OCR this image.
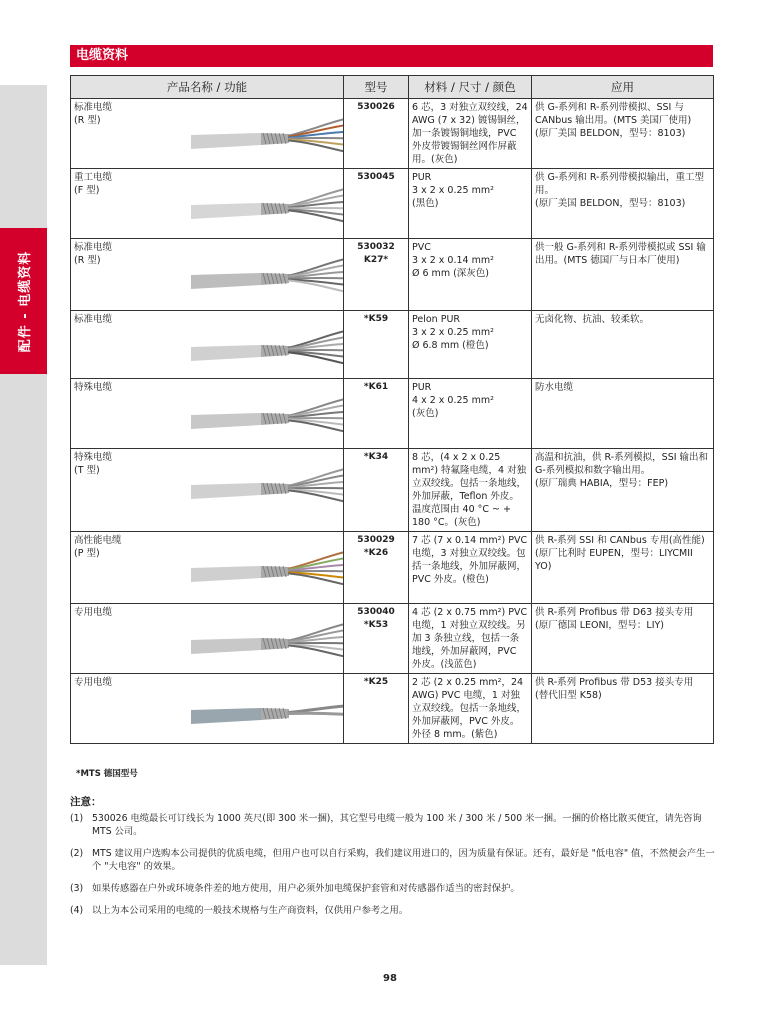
配件 - 电缆资料
电缆资料
产品名称 / 功能	型号	材料 / 尺寸 / 颜色	应用

标准电缆
(R 型)	530026	6 芯，3 对独立双绞线，24 AWG (7 x 32) 镀锡铜丝，加一条镀锡铜地线，PVC 外皮带镀锡铜丝网作屏蔽用。(灰色)	供 G-系列和 R-系列带模拟、SSI 与 CANbus 输出用。(MTS 美国厂使用)
(原厂美国 BELDON，型号：8103)

重工电缆
(F 型)	530045	PUR
3 x 2 x 0.25 mm²
(黑色)	供 G-系列和 R-系列带模拟输出，重工型用。
(原厂美国 BELDON，型号：8103)

标准电缆
(R 型)	530032
K27*	PVC
3 x 2 x 0.14 mm²
Ø 6 mm (深灰色)	供一般 G-系列和 R-系列带模拟或 SSI 输出用。(MTS 德国厂与日本厂使用)

标准电缆	*K59	Pelon PUR
3 x 2 x 0.25 mm²
Ø 6.8 mm (橙色)	无卤化物、抗油、较柔软。

特殊电缆	*K61	PUR
4 x 2 x 0.25 mm²
(灰色)	防水电缆

特殊电缆
(T 型)	*K34	8 芯，(4 x 2 x 0.25 mm²) 特氟隆电缆，4 对独立双绞线。包括一条地线，外加屏蔽，Teflon 外皮。温度范围由 40 °C ~ + 180 °C。(灰色)	高温和抗油，供 R-系列模拟，SSI 输出和 G-系列模拟和数字输出用。
(原厂瑞典 HABIA，型号：FEP)

高性能电缆
(P 型)	530029
*K26	7 芯 (7 x 0.14 mm²) PVC 电缆，3 对独立双绞线。包括一条地线，外加屏蔽网，PVC 外皮。(橙色)	供 R-系列 SSI 和 CANbus 专用(高性能)
(原厂比利时 EUPEN，型号：LIYCMII YO)

专用电缆	530040
*K53	4 芯 (2 x 0.75 mm²) PVC 电缆，1 对独立双绞线。另加 3 条独立线，包括一条地线，外加屏蔽网，PVC 外皮。(浅蓝色)	供 R-系列 Profibus 带 D63 接头专用
(原厂德国 LEONI，型号：LIY)

专用电缆	*K25	2 芯 (2 x 0.25 mm²，24 AWG) PVC 电缆，1 对独立双绞线。包括一条地线，外加屏蔽网，PVC 外皮。外径 8 mm。(紫色)	供 R-系列 Profibus 带 D53 接头专用
(替代旧型 K58)
*MTS 德国型号
注意：
(1) 530026 电缆最长可订线长为 1000 英尺(即 300 米一捆)，其它型号电缆一般为 100 米 / 300 米 / 500 米一捆。一捆的价格比散买便宜，请先咨询 MTS 公司。
(2) MTS 建议用户选购本公司提供的优质电缆，但用户也可以自行采购，我们建议用进口的，因为质量有保证。还有，最好是 "低电容" 值，不然便会产生一个 "大电容" 的效果。
(3) 如果传感器在户外或环境条件差的地方使用，用户必须外加电缆保护套管和对传感器作适当的密封保护。
(4) 以上为本公司采用的电缆的一般技术规格与生产商资料，仅供用户参考之用。
98
